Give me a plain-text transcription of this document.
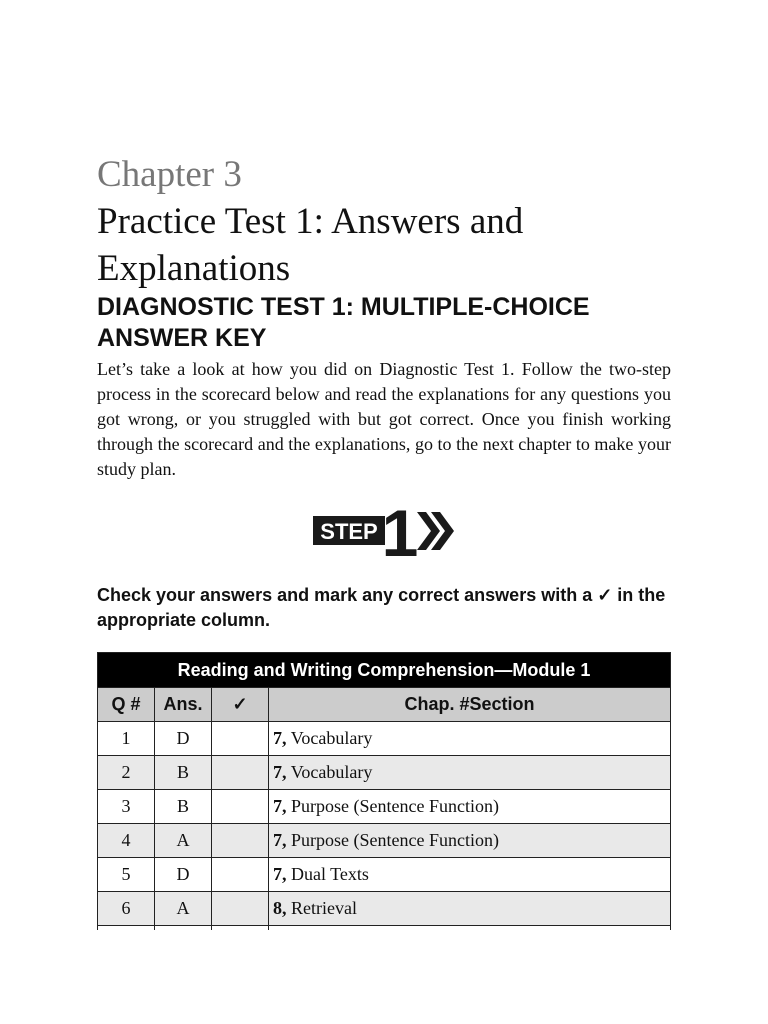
Chapter 3
Practice Test 1: Answers and Explanations
DIAGNOSTIC TEST 1: MULTIPLE-CHOICE ANSWER KEY

Let’s take a look at how you did on Diagnostic Test 1. Follow the two-step process in the scorecard below and read the explanations for any questions you got wrong, or you struggled with but got correct. Once you finish working through the scorecard and the explanations, go to the next chapter to make your study plan.

STEP 1

Check your answers and mark any correct answers with a ✓ in the appropriate column.

Reading and Writing Comprehension—Module 1			
Q #	Ans.	✓	Chap. #Section
1	D		7, Vocabulary
2	B		7, Vocabulary
3	B		7, Purpose (Sentence Function)
4	A		7, Purpose (Sentence Function)
5	D		7, Dual Texts
6	A		8, Retrieval
